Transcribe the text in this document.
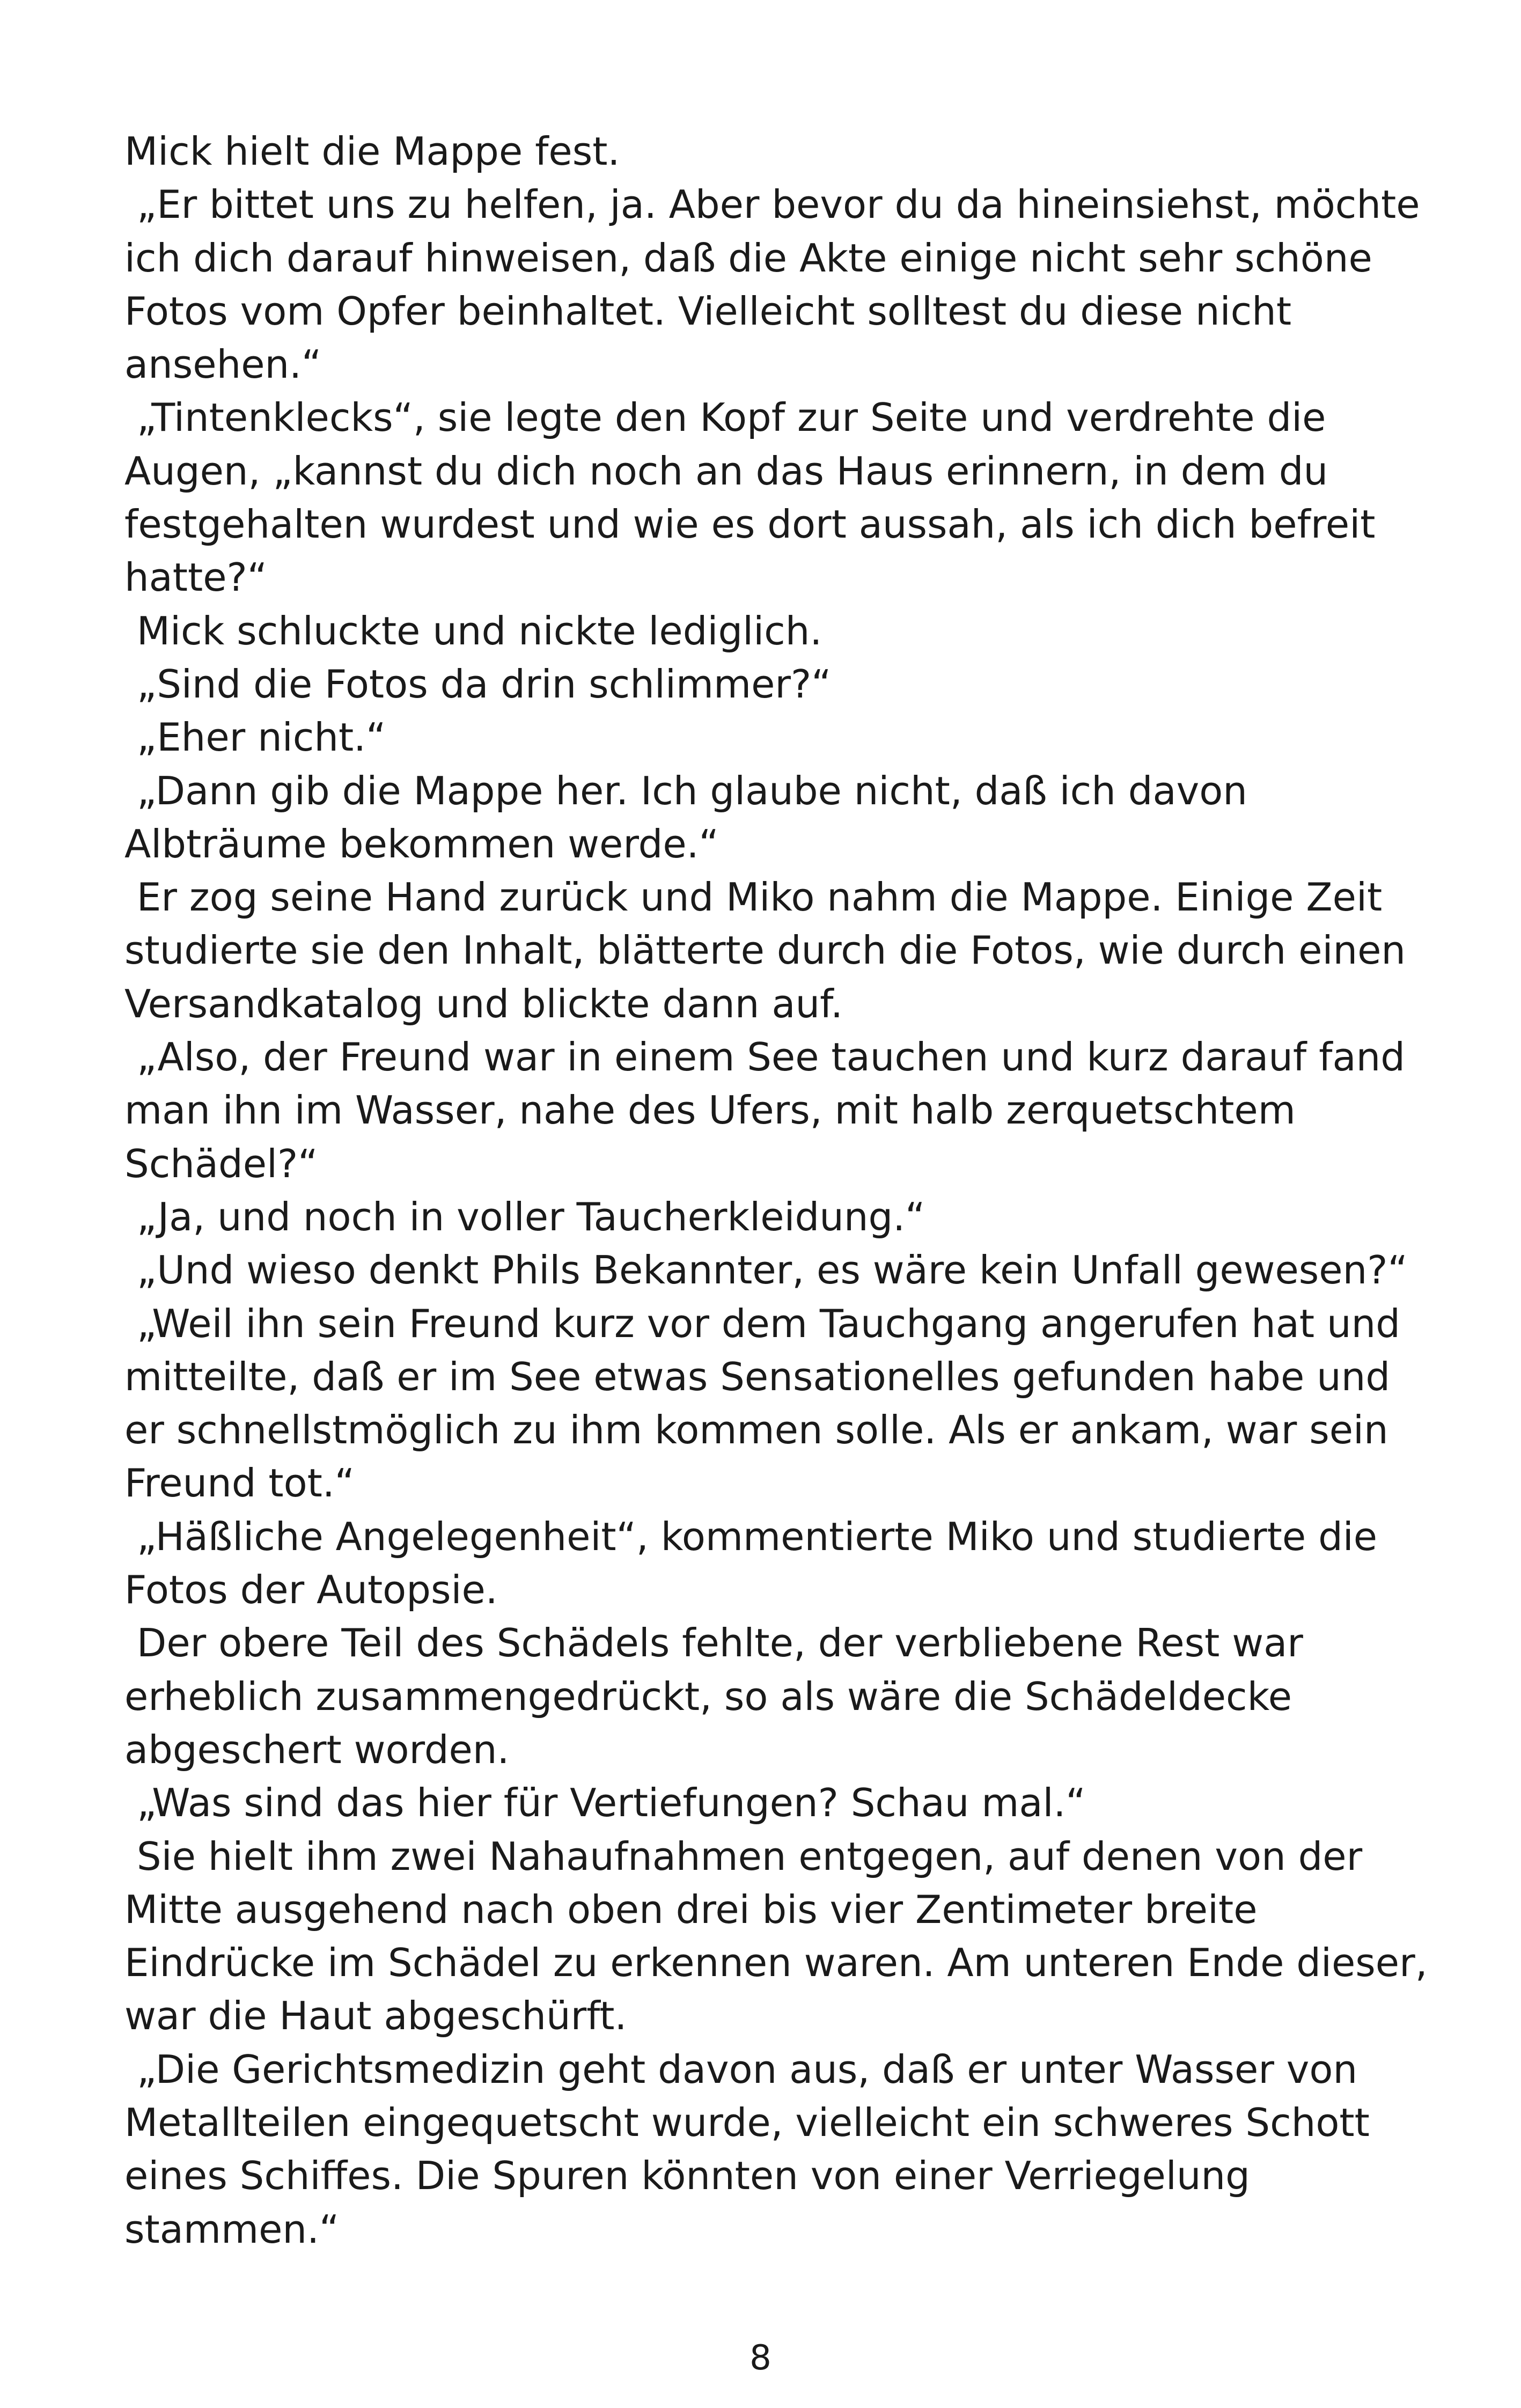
Mick hielt die Mappe fest.
„Er bittet uns zu helfen, ja. Aber bevor du da hineinsiehst, möchte
ich dich darauf hinweisen, daß die Akte einige nicht sehr schöne
Fotos vom Opfer beinhaltet. Vielleicht solltest du diese nicht
ansehen.“
„Tintenklecks“, sie legte den Kopf zur Seite und verdrehte die
Augen, „kannst du dich noch an das Haus erinnern, in dem du
festgehalten wurdest und wie es dort aussah, als ich dich befreit
hatte?“
Mick schluckte und nickte lediglich.
„Sind die Fotos da drin schlimmer?“
„Eher nicht.“
„Dann gib die Mappe her. Ich glaube nicht, daß ich davon
Albträume bekommen werde.“
Er zog seine Hand zurück und Miko nahm die Mappe. Einige Zeit
studierte sie den Inhalt, blätterte durch die Fotos, wie durch einen
Versandkatalog und blickte dann auf.
„Also, der Freund war in einem See tauchen und kurz darauf fand
man ihn im Wasser, nahe des Ufers, mit halb zerquetschtem
Schädel?“
„Ja, und noch in voller Taucherkleidung.“
„Und wieso denkt Phils Bekannter, es wäre kein Unfall gewesen?“
„Weil ihn sein Freund kurz vor dem Tauchgang angerufen hat und
mitteilte, daß er im See etwas Sensationelles gefunden habe und
er schnellstmöglich zu ihm kommen solle. Als er ankam, war sein
Freund tot.“
„Häßliche Angelegenheit“, kommentierte Miko und studierte die
Fotos der Autopsie.
Der obere Teil des Schädels fehlte, der verbliebene Rest war
erheblich zusammengedrückt, so als wäre die Schädeldecke
abgeschert worden.
„Was sind das hier für Vertiefungen? Schau mal.“
Sie hielt ihm zwei Nahaufnahmen entgegen, auf denen von der
Mitte ausgehend nach oben drei bis vier Zentimeter breite
Eindrücke im Schädel zu erkennen waren. Am unteren Ende dieser,
war die Haut abgeschürft.
„Die Gerichtsmedizin geht davon aus, daß er unter Wasser von
Metallteilen eingequetscht wurde, vielleicht ein schweres Schott
eines Schiffes. Die Spuren könnten von einer Verriegelung
stammen.“
8
